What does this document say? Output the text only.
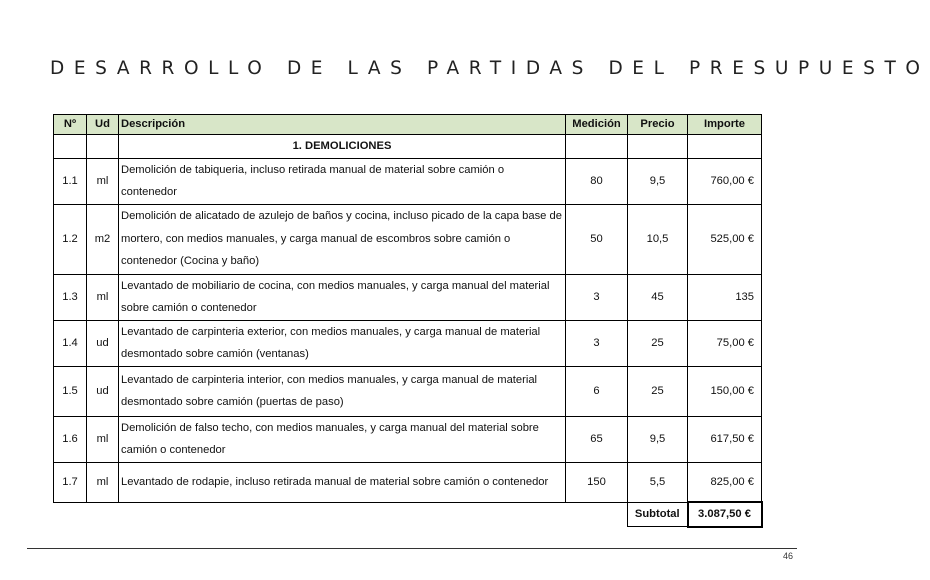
DESARROLLO DE LAS PARTIDAS DEL PRESUPUESTO
Nº	Ud	Descripción	Medición	Precio	Importe
		1. DEMOLICIONES			
1.1	ml	Demolición de tabiqueria, incluso retirada manual de material sobre camión o contenedor	80	9,5	760,00 €
1.2	m2	Demolición de alicatado de azulejo de baños y cocina, incluso picado de la capa base de mortero, con medios manuales, y carga manual de escombros sobre camión o contenedor (Cocina y baño)	50	10,5	525,00 €
1.3	ml	Levantado de mobiliario de cocina, con medios manuales, y carga manual del material sobre camión o contenedor	3	45	135
1.4	ud	Levantado de carpinteria exterior, con medios manuales, y carga manual de material desmontado sobre camión (ventanas)	3	25	75,00 €
1.5	ud	Levantado de carpinteria interior, con medios manuales, y carga manual de material desmontado sobre camión (puertas de paso)	6	25	150,00 €
1.6	ml	Demolición de falso techo, con medios manuales, y carga manual del material sobre camión o contenedor	65	9,5	617,50 €
1.7	ml	Levantado de rodapie, incluso retirada manual de material sobre camión o contenedor	150	5,5	825,00 €
				Subtotal	3.087,50 €
46
